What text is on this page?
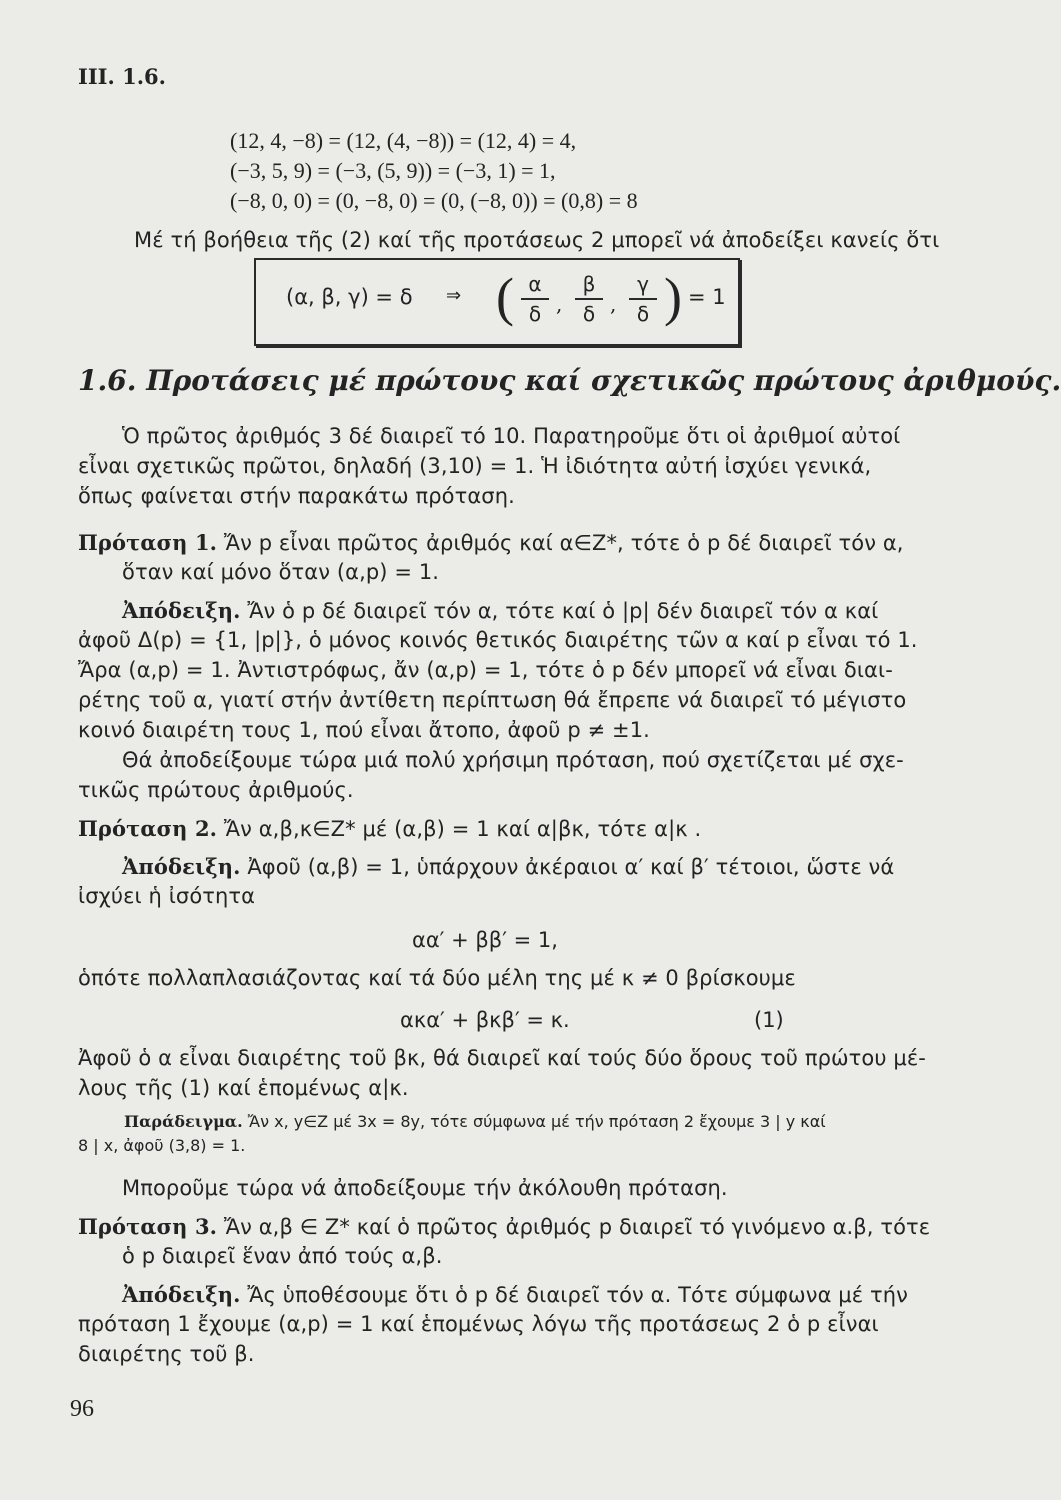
ΙΙΙ. 1.6.
(12, 4, −8) = (12, (4, −8)) = (12, 4) = 4,
(−3, 5, 9) = (−3, (5, 9)) = (−3, 1) = 1,
(−8, 0, 0) = (0, −8, 0) = (0, (−8, 0)) = (0,8) = 8
Μέ τή βοήθεια τῆς (2) καί τῆς προτάσεως 2 μπορεῖ νά ἀποδείξει κανείς ὅτι
(α, β, γ) = δ ⇒ ( α
δ ,
β
δ ,
γ
δ ) = 1
1.6. Προτάσεις μέ πρώτους καί σχετικῶς πρώτους ἀριθμούς.
Ὁ πρῶτος ἀριθμός 3 δέ διαιρεῖ τό 10. Παρατηροῦμε ὅτι οἱ ἀριθμοί αὐτοί
εἶναι σχετικῶς πρῶτοι, δηλαδή (3,10) = 1. Ἡ ἰδιότητα αὐτή ἰσχύει γενικά,
ὅπως φαίνεται στήν παρακάτω πρόταση.
Πρόταση 1. Ἄν p εἶναι πρῶτος ἀριθμός καί α∈Z*, τότε ὁ p δέ διαιρεῖ τόν α,
ὅταν καί μόνο ὅταν (α,p) = 1.
Ἀπόδειξη. Ἄν ὁ p δέ διαιρεῖ τόν α, τότε καί ὁ |p| δέν διαιρεῖ τόν α καί
ἀφοῦ Δ(p) = {1, |p|}, ὁ μόνος κοινός θετικός διαιρέτης τῶν α καί p εἶναι τό 1.
Ἄρα (α,p) = 1. Ἀντιστρόφως, ἄν (α,p) = 1, τότε ὁ p δέν μπορεῖ νά εἶναι διαι-
ρέτης τοῦ α, γιατί στήν ἀντίθετη περίπτωση θά ἔπρεπε νά διαιρεῖ τό μέγιστο
κοινό διαιρέτη τους 1, πού εἶναι ἄτοπο, ἀφοῦ p ≠ ±1.
Θά ἀποδείξουμε τώρα μιά πολύ χρήσιμη πρόταση, πού σχετίζεται μέ σχε-
τικῶς πρώτους ἀριθμούς.
Πρόταση 2. Ἄν α,β,κ∈Z* μέ (α,β) = 1 καί α|βκ, τότε α|κ .
Ἀπόδειξη. Ἀφοῦ (α,β) = 1, ὑπάρχουν ἀκέραιοι α′ καί β′ τέτοιοι, ὥστε νά
ἰσχύει ἡ ἰσότητα
αα′ + ββ′ = 1,
ὁπότε πολλαπλασιάζοντας καί τά δύο μέλη της μέ κ ≠ 0 βρίσκουμε
ακα′ + βκβ′ = κ.	(1)
Ἀφοῦ ὁ α εἶναι διαιρέτης τοῦ βκ, θά διαιρεῖ καί τούς δύο ὅρους τοῦ πρώτου μέ-
λους τῆς (1) καί ἑπομένως α|κ.
Παράδειγμα. Ἄν x, y∈Z μέ 3x = 8y, τότε σύμφωνα μέ τήν πρόταση 2 ἔχουμε 3 | y καί
8 | x, ἀφοῦ (3,8) = 1.
Μποροῦμε τώρα νά ἀποδείξουμε τήν ἀκόλουθη πρόταση.
Πρόταση 3. Ἄν α,β ∈ Z* καί ὁ πρῶτος ἀριθμός p διαιρεῖ τό γινόμενο α.β, τότε
ὁ p διαιρεῖ ἕναν ἀπό τούς α,β.
Ἀπόδειξη. Ἄς ὑποθέσουμε ὅτι ὁ p δέ διαιρεῖ τόν α. Τότε σύμφωνα μέ τήν
πρόταση 1 ἔχουμε (α,p) = 1 καί ἑπομένως λόγω τῆς προτάσεως 2 ὁ p εἶναι
διαιρέτης τοῦ β.
96
